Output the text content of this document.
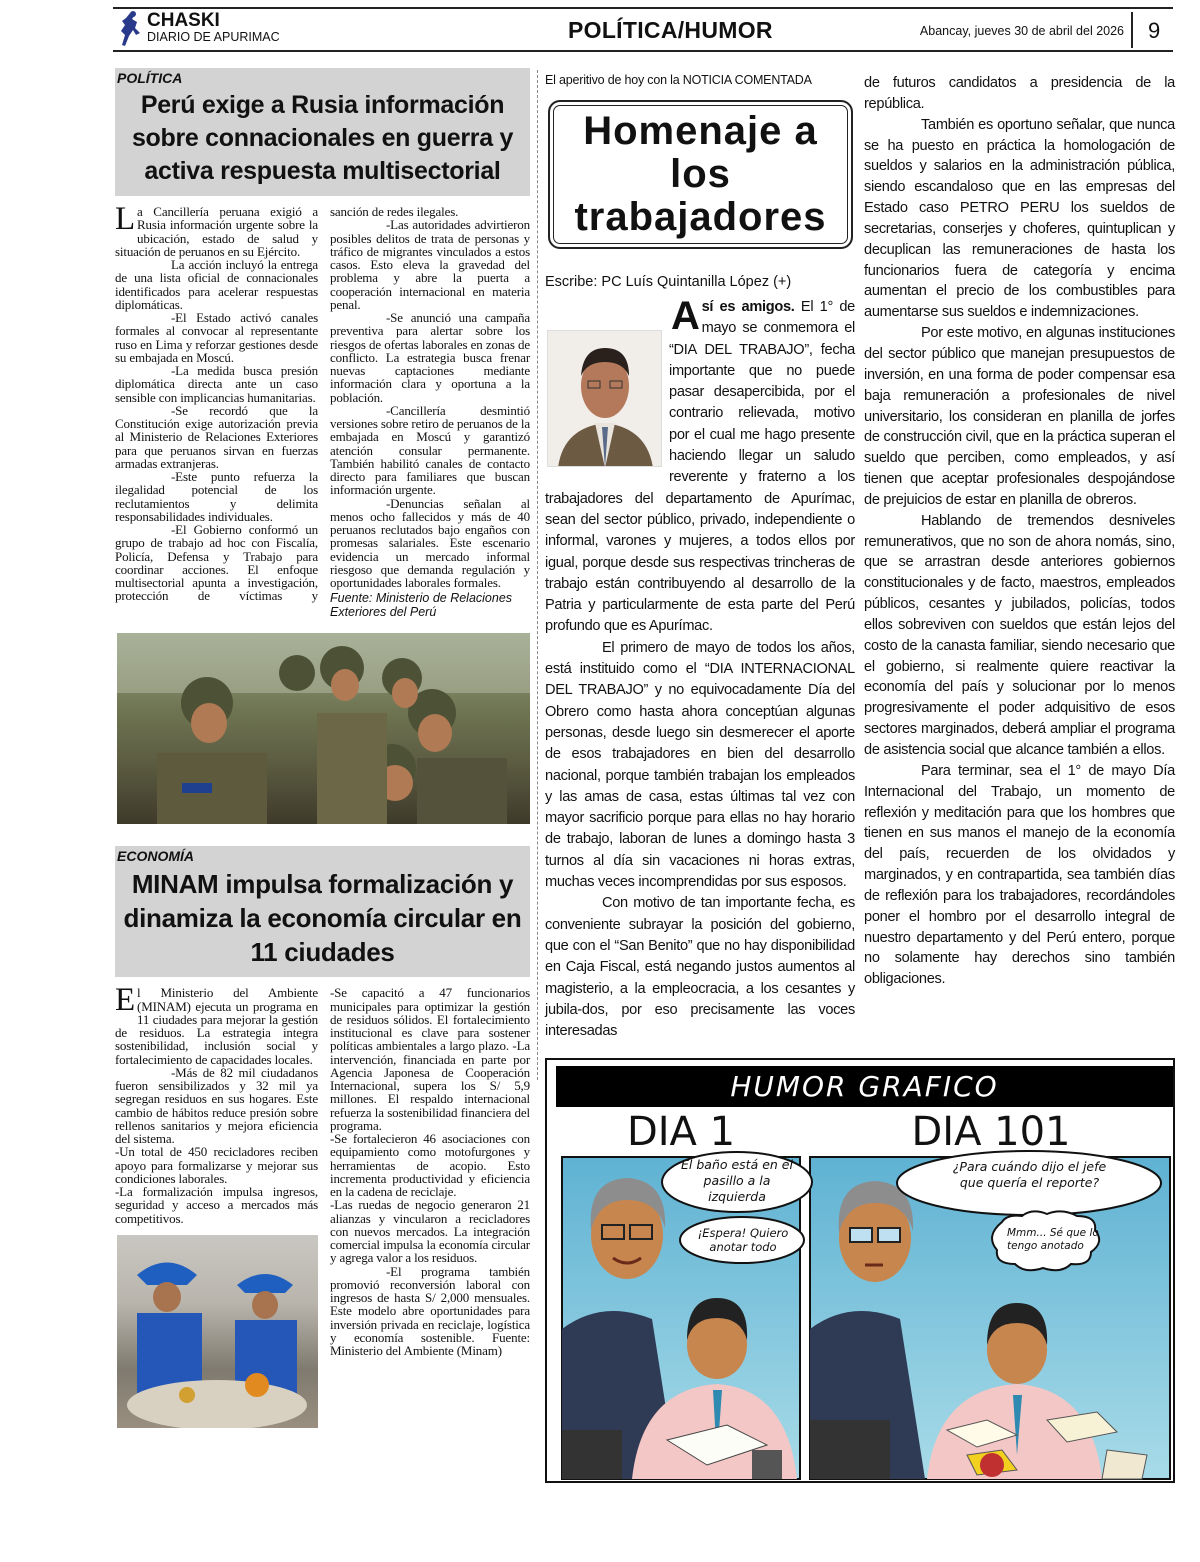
CHASKI
DIARIO DE APURIMAC	POLÍTICA/HUMOR	Abancay, jueves 30 de abril del 2026 9
POLÍTICA
Perú exige a Rusia información sobre connacionales en guerra y activa respuesta multisectorial

La Cancillería peruana exigió a Rusia información urgente sobre la ubicación, estado de salud y situación de peruanos en su Ejército.

La acción incluyó la entrega de una lista oficial de connacionales identificados para acelerar respuestas diplomáticas.

-El Estado activó canales formales al convocar al representante ruso en Lima y reforzar gestiones desde su embajada en Moscú.

-La medida busca presión diplomática directa ante un caso sensible con implicancias humanitarias.

-Se recordó que la Constitución exige autorización previa al Ministerio de Relaciones Exteriores para que peruanos sirvan en fuerzas armadas extranjeras.

-Este punto refuerza la ilegalidad potencial de los reclutamientos y delimita responsabilidades individuales.

-El Gobierno conformó un grupo de trabajo ad hoc con Fiscalía, Policía, Defensa y Trabajo para coordinar acciones. El enfoque multisectorial apunta a investigación, protección de víctimas y

sanción de redes ilegales.

-Las autoridades advirtieron posibles delitos de trata de personas y tráfico de migrantes vinculados a estos casos. Esto eleva la gravedad del problema y abre la puerta a cooperación internacional en materia penal.

-Se anunció una campaña preventiva para alertar sobre los riesgos de ofertas laborales en zonas de conflicto. La estrategia busca frenar nuevas captaciones mediante información clara y oportuna a la población.

-Cancillería desmintió versiones sobre retiro de peruanos de la embajada en Moscú y garantizó atención consular permanente. También habilitó canales de contacto directo para familiares que buscan información urgente.

-Denuncias señalan al menos ocho fallecidos y más de 40 peruanos reclutados bajo engaños con promesas salariales. Este escenario evidencia un mercado informal riesgoso que demanda regulación y oportunidades laborales formales.

Fuente: Ministerio de Relaciones Exteriores del Perú
ECONOMÍA
MINAM impulsa formalización y dinamiza la economía circular en 11 ciudades

El Ministerio del Ambiente (MINAM) ejecuta un programa en 11 ciudades para mejorar la gestión de residuos. La estrategia integra sostenibilidad, inclusión social y fortalecimiento de capacidades locales.

-Más de 82 mil ciudadanos fueron sensibilizados y 32 mil ya segregan residuos en sus hogares. Este cambio de hábitos reduce presión sobre rellenos sanitarios y mejora eficiencia del sistema.

-Un total de 450 recicladores reciben apoyo para formalizarse y mejorar sus condiciones laborales.

-La formalización impulsa ingresos, seguridad y acceso a mercados más competitivos.

-Se capacitó a 47 funcionarios municipales para optimizar la gestión de residuos sólidos. El fortalecimiento institucional es clave para sostener políticas ambientales a largo plazo. -La intervención, financiada en parte por Agencia Japonesa de Cooperación Internacional, supera los S/ 5,9 millones. El respaldo internacional refuerza la sostenibilidad financiera del programa.

-Se fortalecieron 46 asociaciones con equipamiento como motofurgones y herramientas de acopio. Esto incrementa productividad y eficiencia en la cadena de reciclaje.

-Las ruedas de negocio generaron 21 alianzas y vincularon a recicladores con nuevos mercados. La integración comercial impulsa la economía circular y agrega valor a los residuos.

-El programa también promovió reconversión laboral con ingresos de hasta S/ 2,000 mensuales. Este modelo abre oportunidades para inversión privada en reciclaje, logística y economía sostenible. Fuente: Ministerio del Ambiente (Minam)

El aperitivo de hoy con la NOTICIA COMENTADA
Homenaje a los trabajadores
Escribe: PC Luís Quintanilla López (+)

Así es amigos. El 1° de mayo se conmemora el “DIA DEL TRABAJO”, fecha importante que no puede pasar desapercibida, por el contrario relievada, motivo por el cual me hago presente haciendo llegar un saludo reverente y fraterno a los trabajadores del departamento de Apurímac, sean del sector público, privado, independiente o informal, varones y mujeres, a todos ellos por igual, porque desde sus respectivas trincheras de trabajo están contribuyendo al desarrollo de la Patria y particularmente de esta parte del Perú profundo que es Apurímac.

El primero de mayo de todos los años, está instituido como el “DIA INTERNACIONAL DEL TRABAJO” y no equivocadamente Día del Obrero como hasta ahora conceptúan algunas personas, desde luego sin desmerecer el aporte de esos trabajadores en bien del desarrollo nacional, porque también trabajan los empleados y las amas de casa, estas últimas tal vez con mayor sacrificio porque para ellas no hay horario de trabajo, laboran de lunes a domingo hasta 3 turnos al día sin vacaciones ni horas extras, muchas veces incomprendidas por sus esposos.

Con motivo de tan importante fecha, es conveniente subrayar la posición del gobierno, que con el “San Benito” que no hay disponibilidad en Caja Fiscal, está negando justos aumentos al magisterio, a la empleocracia, a los cesantes y jubila-dos, por eso precisamente las voces interesadas

de futuros candidatos a presidencia de la república.

También es oportuno señalar, que nunca se ha puesto en práctica la homologación de sueldos y salarios en la administración pública, siendo escandaloso que en las empresas del Estado caso PETRO PERU los sueldos de secretarias, conserjes y choferes, quintuplican y decuplican las remuneraciones de hasta los funcionarios fuera de categoría y encima aumentan el precio de los combustibles para aumentarse sus sueldos e indemnizaciones.

Por este motivo, en algunas instituciones del sector público que manejan presupuestos de inversión, en una forma de poder compensar esa baja remuneración a profesionales de nivel universitario, los consideran en planilla de jorfes de construcción civil, que en la práctica superan el sueldo que perciben, como empleados, y así tienen que aceptar profesionales despojándose de prejuicios de estar en planilla de obreros.

Hablando de tremendos desniveles remunerativos, que no son de ahora nomás, sino, que se arrastran desde anteriores gobiernos constitucionales y de facto, maestros, empleados públicos, cesantes y jubilados, policías, todos ellos sobreviven con sueldos que están lejos del costo de la canasta familiar, siendo necesario que el gobierno, si realmente quiere reactivar la economía del país y solucionar por lo menos progresivamente el poder adquisitivo de esos sectores marginados, deberá ampliar el programa de asistencia social que alcance también a ellos.

Para terminar, sea el 1° de mayo Día Internacional del Trabajo, un momento de reflexión y meditación para que los hombres que tienen en sus manos el manejo de la economía del país, recuerden de los olvidados y marginados, y en contrapartida, sea también días de reflexión para los trabajadores, recordándoles poner el hombro por el desarrollo integral de nuestro departamento y del Perú entero, porque no solamente hay derechos sino también obligaciones.

HUMOR GRAFICO
DIA 1	DIA 101
El baño está en el pasillo a la izquierda
¡Espera! Quiero anotar todo
¿Para cuándo dijo el jefe que quería el reporte?
Mmm... Sé que lo tengo anotado
